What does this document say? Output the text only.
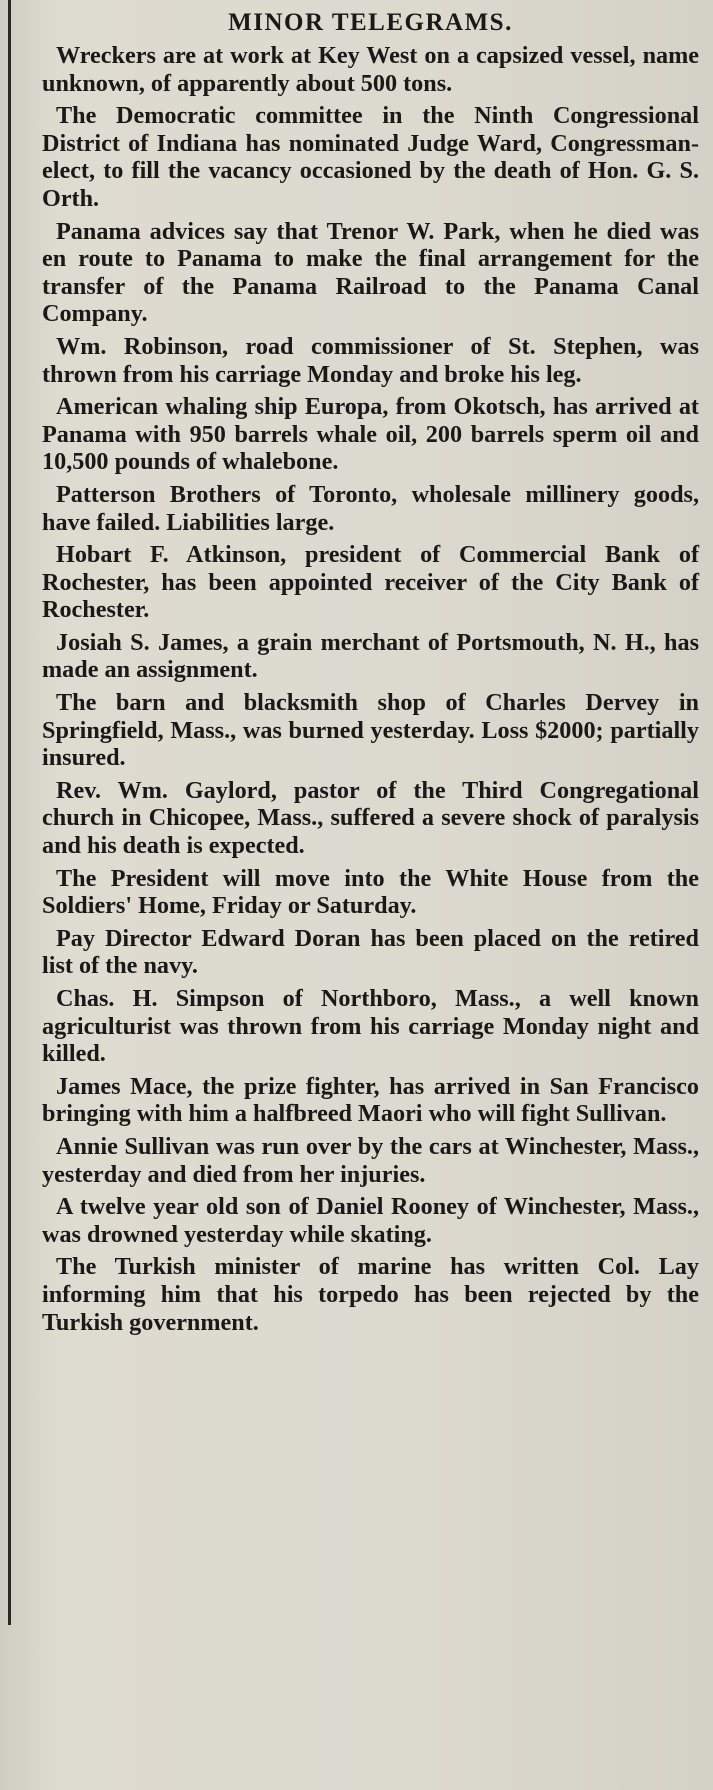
MINOR TELEGRAMS.

Wreckers are at work at Key West on a capsized vessel, name unknown, of apparently about 500 tons.

The Democratic committee in the Ninth Congressional District of Indiana has nominated Judge Ward, Congressman-elect, to fill the vacancy occasioned by the death of Hon. G. S. Orth.

Panama advices say that Trenor W. Park, when he died was en route to Panama to make the final arrangement for the transfer of the Panama Railroad to the Panama Canal Company.

Wm. Robinson, road commissioner of St. Stephen, was thrown from his carriage Monday and broke his leg.

American whaling ship Europa, from Okotsch, has arrived at Panama with 950 barrels whale oil, 200 barrels sperm oil and 10,500 pounds of whalebone.

Patterson Brothers of Toronto, wholesale millinery goods, have failed. Liabilities large.

Hobart F. Atkinson, president of Commercial Bank of Rochester, has been appointed receiver of the City Bank of Rochester.

Josiah S. James, a grain merchant of Portsmouth, N. H., has made an assignment.

The barn and blacksmith shop of Charles Dervey in Springfield, Mass., was burned yesterday. Loss $2000; partially insured.

Rev. Wm. Gaylord, pastor of the Third Congregational church in Chicopee, Mass., suffered a severe shock of paralysis and his death is expected.

The President will move into the White House from the Soldiers' Home, Friday or Saturday.

Pay Director Edward Doran has been placed on the retired list of the navy.

Chas. H. Simpson of Northboro, Mass., a well known agriculturist was thrown from his carriage Monday night and killed.

James Mace, the prize fighter, has arrived in San Francisco bringing with him a halfbreed Maori who will fight Sullivan.

Annie Sullivan was run over by the cars at Winchester, Mass., yesterday and died from her injuries.

A twelve year old son of Daniel Rooney of Winchester, Mass., was drowned yesterday while skating.

The Turkish minister of marine has written Col. Lay informing him that his torpedo has been rejected by the Turkish government.
